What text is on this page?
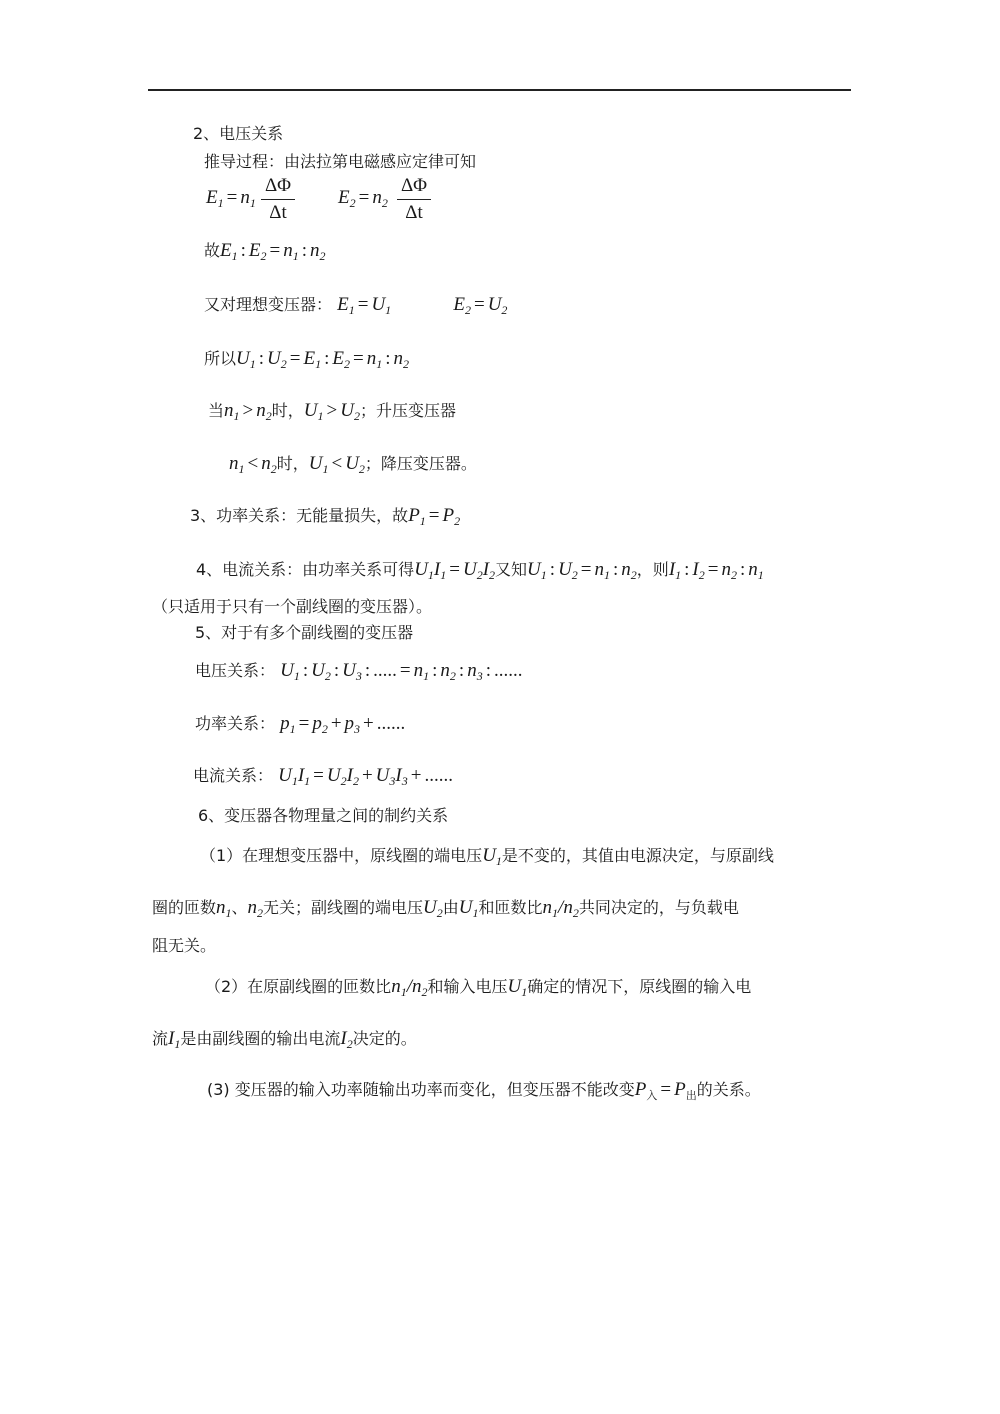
2、电压关系
推导过程：由法拉第电磁感应定律可知
$E_1 = n_1$
ΔΦ
Δt
$E_2 = n_2$
ΔΦ
Δt
故$E_1$ : $E_2 = n_1$ : $n_2$
又对理想变压器： $E_1 = U_1$	$E_2 = U_2$
所以$U_1$ : $U_2 = E_1$ : $E_2 = n_1$ : $n_2$
当$n_1 > n_2$时，$U_1 > U_2$；升压变压器
$n_1 < n_2$时，$U_1 < U_2$；降压变压器。
3、功率关系：无能量损失，故$P_1 = P_2$
4、电流关系：由功率关系可得$U_1I_1 = U_2I_2$又知$U_1$ : $U_2 = n_1$ : $n_2$，则$I_1$ : $I_2 = n_2$ : $n_1$
（只适用于只有一个副线圈的变压器）。
5、对于有多个副线圈的变压器
电压关系： $U_1$ : $U_2$ : $U_3$ : ..... = $n_1$ : $n_2$ : $n_3$ : ......
功率关系： $p_1 = p_2 + p_3$ + ......
电流关系： $U_1I_1 = U_2I_2 + U_3I_3$ + ......
6、变压器各物理量之间的制约关系
（1）在理想变压器中，原线圈的端电压$U_1$是不变的，其值由电源决定，与原副线
圈的匝数$n_1$、$n_2$无关；副线圈的端电压$U_2$由$U_1$和匝数比$n_1/n_2$共同决定的，与负载电
阻无关。
（2）在原副线圈的匝数比$n_1/n_2$和输入电压$U_1$确定的情况下，原线圈的输入电
流$I_1$是由副线圈的输出电流$I_2$决定的。
(3) 变压器的输入功率随输出功率而变化，但变压器不能改变$P_入 = P_出$的关系。
